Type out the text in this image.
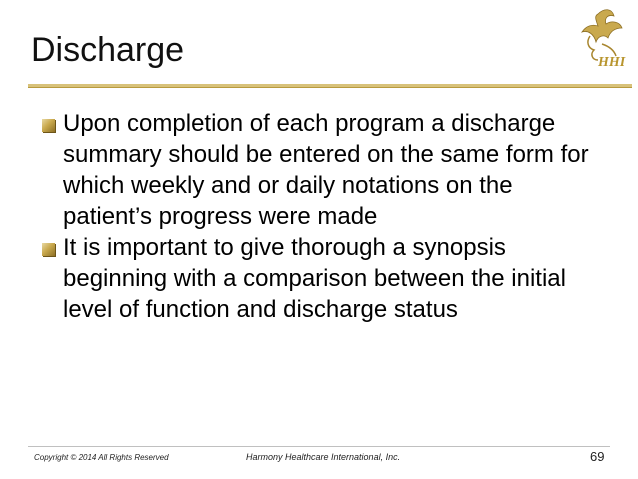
Discharge	HHI
Upon completion of each program a discharge summary should be entered on the same form for which weekly and or daily notations on the patient’s progress were made
It is important to give thorough a synopsis beginning with a comparison between the initial level of function and discharge status
Copyright © 2014 All Rights Reserved	Harmony Healthcare International, Inc.	69
